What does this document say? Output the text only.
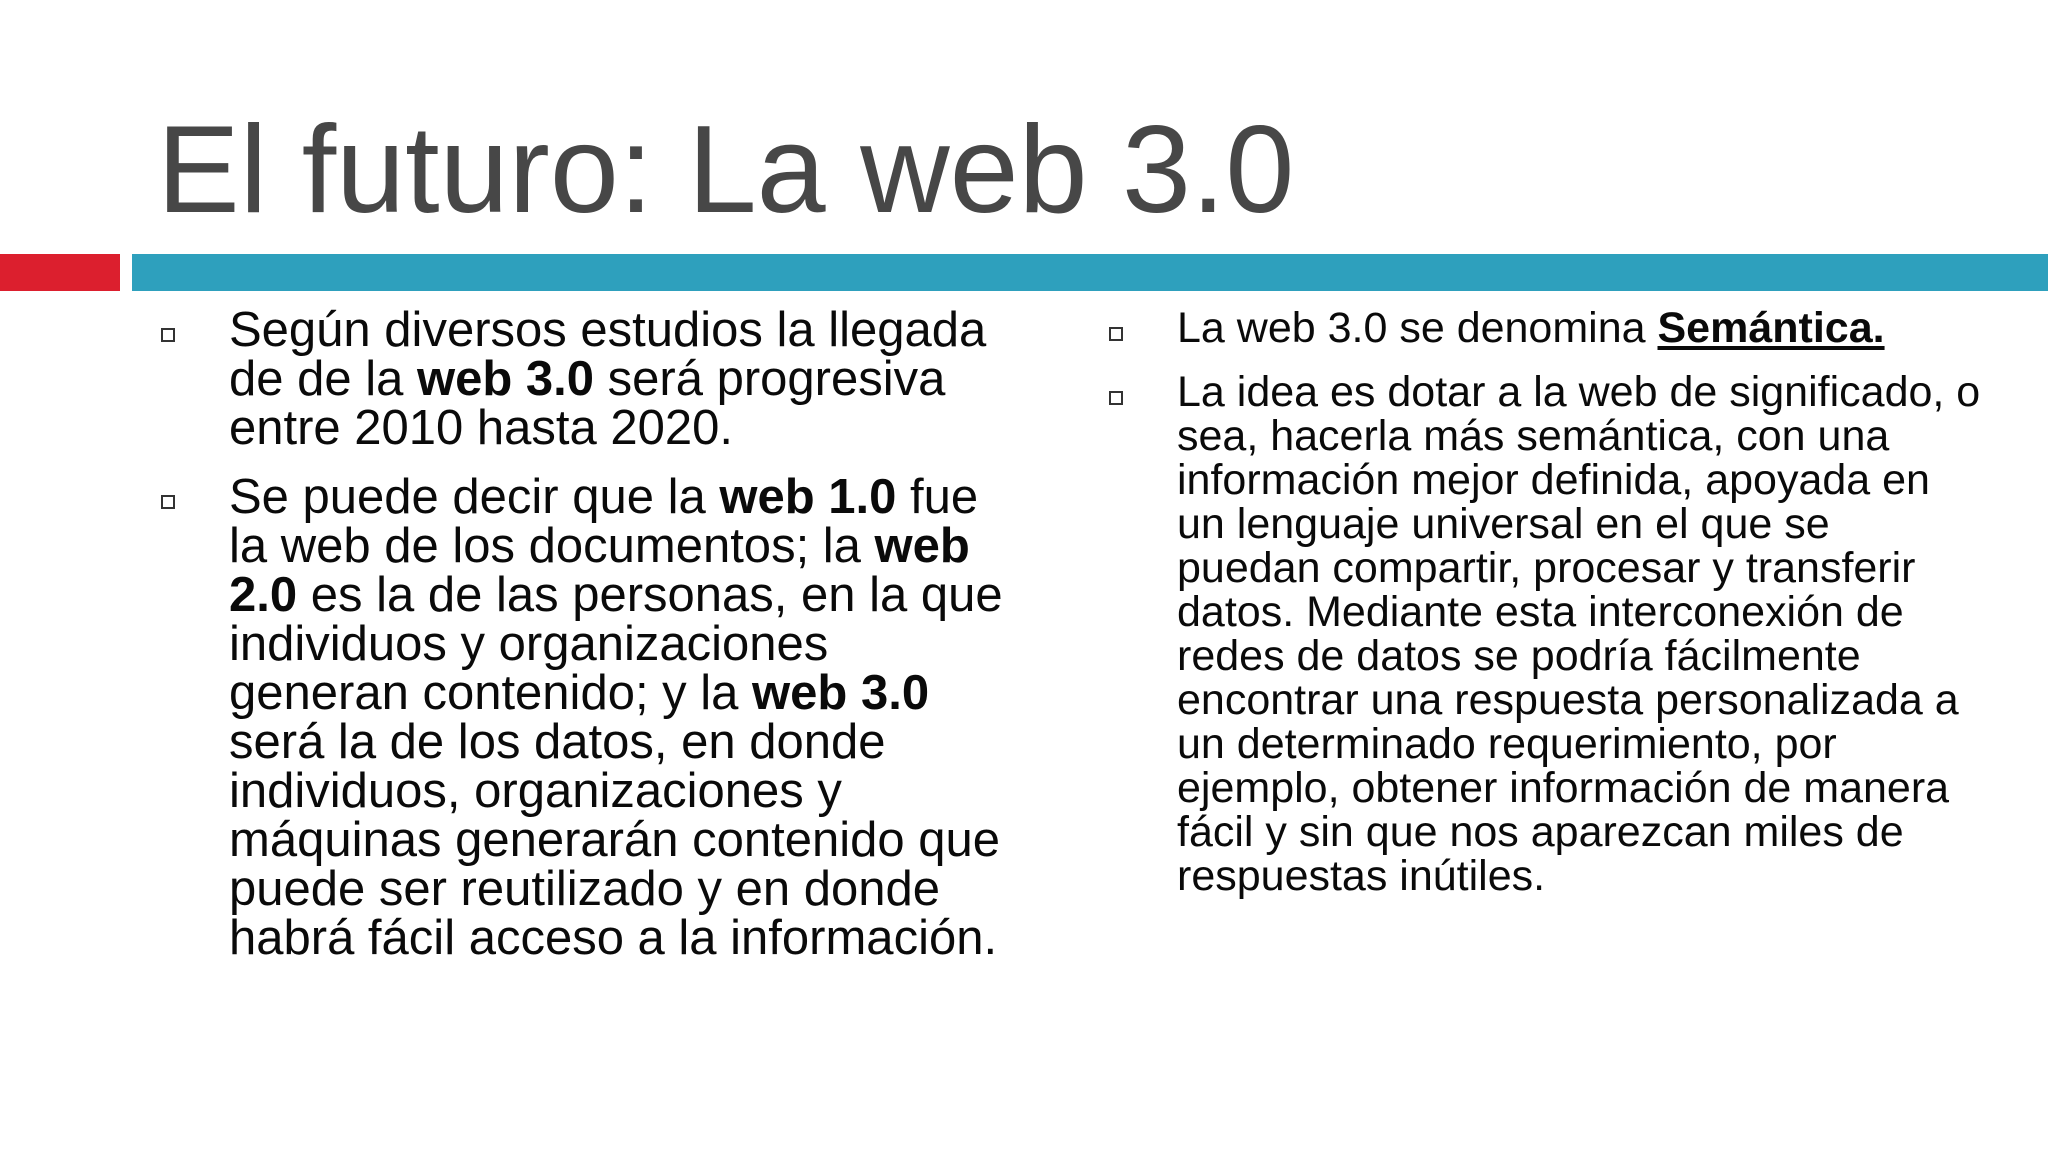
El futuro: La web 3.0
Según diversos estudios la llegada de de la web 3.0 será progresiva entre 2010 hasta 2020.
Se puede decir que la web 1.0 fue la web de los documentos; la web 2.0 es la de las personas, en la que individuos y organizaciones generan contenido; y la web 3.0 será la de los datos, en donde individuos, organizaciones y máquinas generarán contenido que puede ser reutilizado y en donde habrá fácil acceso a la información.
La web 3.0 se denomina Semántica.
La idea es dotar a la web de significado, o sea, hacerla más semántica, con una información mejor definida, apoyada en un lenguaje universal en el que se puedan compartir, procesar y transferir datos. Mediante esta interconexión de redes de datos se podría fácilmente encontrar una respuesta personalizada a un determinado requerimiento, por ejemplo, obtener información de manera fácil y sin que nos aparezcan miles de respuestas inútiles.
